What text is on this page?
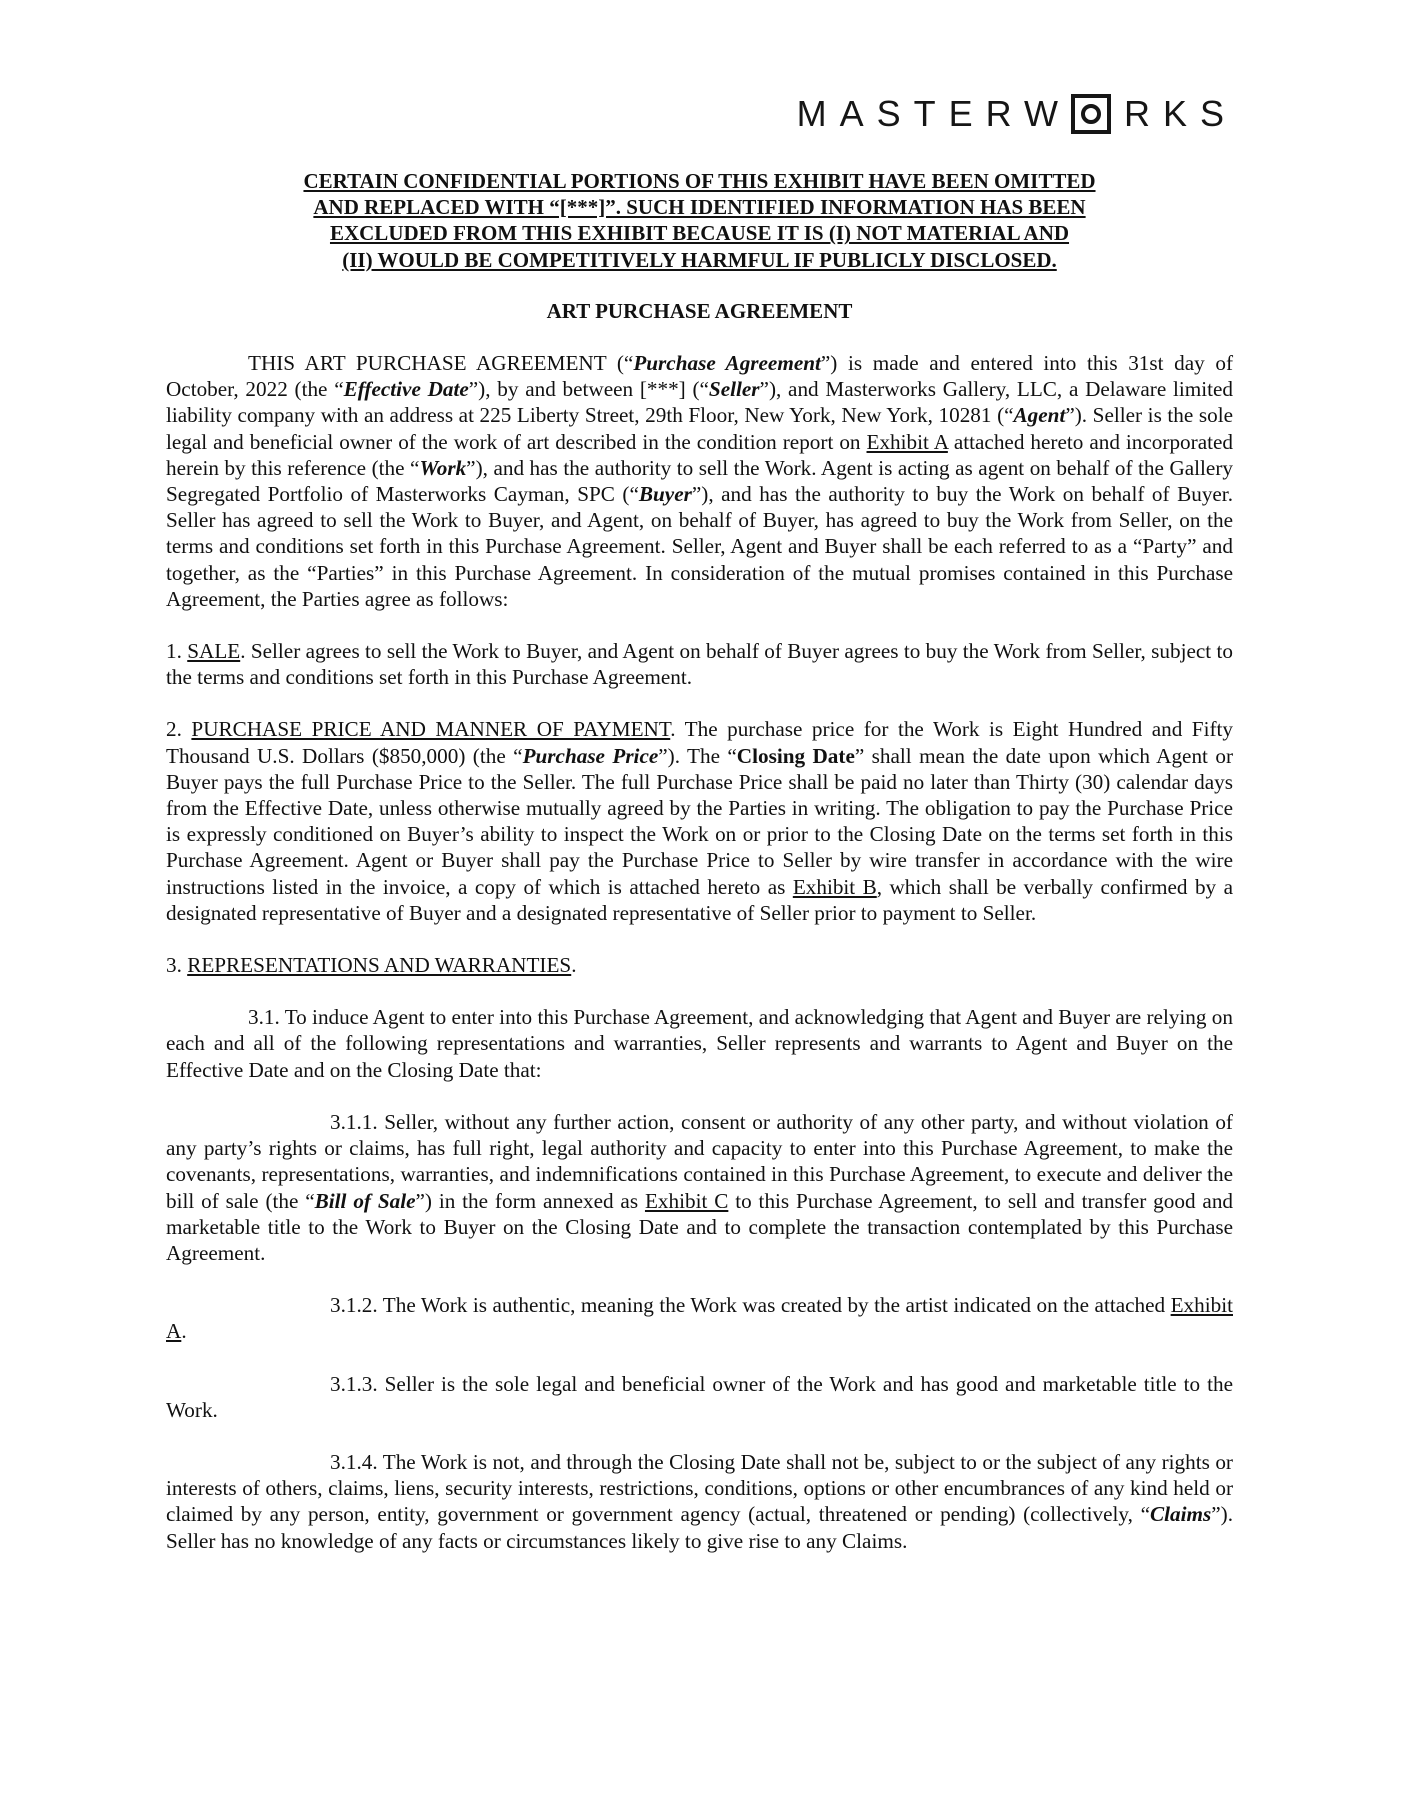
MASTERW RKS
CERTAIN CONFIDENTIAL PORTIONS OF THIS EXHIBIT HAVE BEEN OMITTED
AND REPLACED WITH “[***]”. SUCH IDENTIFIED INFORMATION HAS BEEN
EXCLUDED FROM THIS EXHIBIT BECAUSE IT IS (I) NOT MATERIAL AND
(II) WOULD BE COMPETITIVELY HARMFUL IF PUBLICLY DISCLOSED.
ART PURCHASE AGREEMENT

THIS ART PURCHASE AGREEMENT (“Purchase Agreement”) is made and entered into this 31st day of October, 2022 (the “Effective Date”), by and between [***] (“Seller”), and Masterworks Gallery, LLC, a Delaware limited liability company with an address at 225 Liberty Street, 29th Floor, New York, New York, 10281 (“Agent”). Seller is the sole legal and beneficial owner of the work of art described in the condition report on Exhibit A attached hereto and incorporated herein by this reference (the “Work”), and has the authority to sell the Work. Agent is acting as agent on behalf of the Gallery Segregated Portfolio of Masterworks Cayman, SPC (“Buyer”), and has the authority to buy the Work on behalf of Buyer. Seller has agreed to sell the Work to Buyer, and Agent, on behalf of Buyer, has agreed to buy the Work from Seller, on the terms and conditions set forth in this Purchase Agreement. Seller, Agent and Buyer shall be each referred to as a “Party” and together, as the “Parties” in this Purchase Agreement. In consideration of the mutual promises contained in this Purchase Agreement, the Parties agree as follows:

1. SALE. Seller agrees to sell the Work to Buyer, and Agent on behalf of Buyer agrees to buy the Work from Seller, subject to the terms and conditions set forth in this Purchase Agreement.

2. PURCHASE PRICE AND MANNER OF PAYMENT. The purchase price for the Work is Eight Hundred and Fifty Thousand U.S. Dollars ($850,000) (the “Purchase Price”). The “Closing Date” shall mean the date upon which Agent or Buyer pays the full Purchase Price to the Seller. The full Purchase Price shall be paid no later than Thirty (30) calendar days from the Effective Date, unless otherwise mutually agreed by the Parties in writing. The obligation to pay the Purchase Price is expressly conditioned on Buyer’s ability to inspect the Work on or prior to the Closing Date on the terms set forth in this Purchase Agreement. Agent or Buyer shall pay the Purchase Price to Seller by wire transfer in accordance with the wire instructions listed in the invoice, a copy of which is attached hereto as Exhibit B, which shall be verbally confirmed by a designated representative of Buyer and a designated representative of Seller prior to payment to Seller.

3. REPRESENTATIONS AND WARRANTIES.

3.1. To induce Agent to enter into this Purchase Agreement, and acknowledging that Agent and Buyer are relying on each and all of the following representations and warranties, Seller represents and warrants to Agent and Buyer on the Effective Date and on the Closing Date that:

3.1.1. Seller, without any further action, consent or authority of any other party, and without violation of any party’s rights or claims, has full right, legal authority and capacity to enter into this Purchase Agreement, to make the covenants, representations, warranties, and indemnifications contained in this Purchase Agreement, to execute and deliver the bill of sale (the “Bill of Sale”) in the form annexed as Exhibit C to this Purchase Agreement, to sell and transfer good and marketable title to the Work to Buyer on the Closing Date and to complete the transaction contemplated by this Purchase Agreement.

3.1.2. The Work is authentic, meaning the Work was created by the artist indicated on the attached Exhibit A.

3.1.3. Seller is the sole legal and beneficial owner of the Work and has good and marketable title to the Work.

3.1.4. The Work is not, and through the Closing Date shall not be, subject to or the subject of any rights or interests of others, claims, liens, security interests, restrictions, conditions, options or other encumbrances of any kind held or claimed by any person, entity, government or government agency (actual, threatened or pending) (collectively, “Claims”). Seller has no knowledge of any facts or circumstances likely to give rise to any Claims.
